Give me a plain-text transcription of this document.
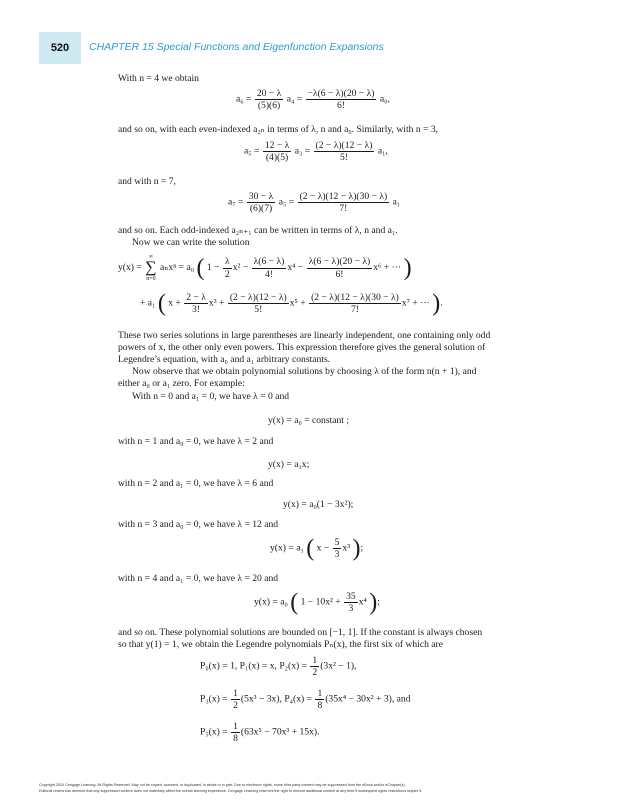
520	CHAPTER 15 Special Functions and Eigenfunction Expansions
With n = 4 we obtain
$a_6 = \frac{20 - \lambda}{(5)(6)} a_4 = \frac{-\lambda(6 - \lambda)(20 - \lambda)}{6!} a_0$,
and so on, with each even-indexed a₂ₙ in terms of λ, n and a₀. Similarly, with n = 3,
$a_5 = \frac{12 - \lambda}{(4)(5)} a_3 = \frac{(2 - \lambda)(12 - \lambda)}{5!} a_1$,
and with n = 7,
$a_7 = \frac{30 - \lambda}{(6)(7)} a_5 = \frac{(2 - \lambda)(12 - \lambda)(30 - \lambda)}{7!} a_1$
and so on. Each odd-indexed a₂ₙ₊₁ can be written in terms of λ, n and a₁.
Now we can write the solution
y(x) =
∞
∑
n=0
aₙxⁿ = a₀ ( $1 - \frac{\lambda}{2} x^2 - \frac{\lambda(6 - \lambda)}{4!} x^4 - \frac{\lambda(6 - \lambda)(20 - \lambda)}{6!} x^6$ + ⋯ )
+ a₁ ( $x + \frac{2 - \lambda}{3!} x^3 + \frac{(2 - \lambda)(12 - \lambda)}{5!} x^5 + \frac{(2 - \lambda)(12 - \lambda)(30 - \lambda)}{7!} x^7$ + ⋯ ).
These two series solutions in large parentheses are linearly independent, one containing only odd
powers of x, the other only even powers. This expression therefore gives the general solution of
Legendre’s equation, with a₀ and a₁ arbitrary constants.
Now observe that we obtain polynomial solutions by choosing λ of the form n(n + 1), and
either a₀ or a₁ zero. For example:
With n = 0 and a₁ = 0, we have λ = 0 and
y(x) = a₀ = constant ;
with n = 1 and a₀ = 0, we have λ = 2 and
y(x) = a₁x;
with n = 2 and a₁ = 0, we have λ = 6 and
y(x) = a₀(1 − 3x²);
with n = 3 and a₀ = 0, we have λ = 12 and
y(x) = a₁ ( $x - \frac{5}{3} x^3$ );
with n = 4 and a₁ = 0, we have λ = 20 and
y(x) = a₀ ( $1 - 10x^2 + \frac{35}{3} x^4$ );
and so on. These polynomial solutions are bounded on [−1, 1]. If the constant is always chosen
so that y(1) = 1, we obtain the Legendre polynomials Pₙ(x), the first six of which are
P₀(x) = 1, P₁(x) = x, $P_2(x) = \frac{1}{2} (3x^2 - 1)$,
$P_3(x) = \frac{1}{2} (5x^3 - 3x)$, $P_4(x) = \frac{1}{8} (35x^4 - 30x^2 + 3)$, and
$P_5(x) = \frac{1}{8} (63x^5 - 70x^3 + 15x)$.
Copyright 2010 Cengage Learning. All Rights Reserved. May not be copied, scanned, or duplicated, in whole or in part. Due to electronic rights, some third party content may be suppressed from the eBook and/or eChapter(s).
Editorial review has deemed that any suppressed content does not materially affect the overall learning experience. Cengage Learning reserves the right to remove additional content at any time if subsequent rights restrictions require it.
